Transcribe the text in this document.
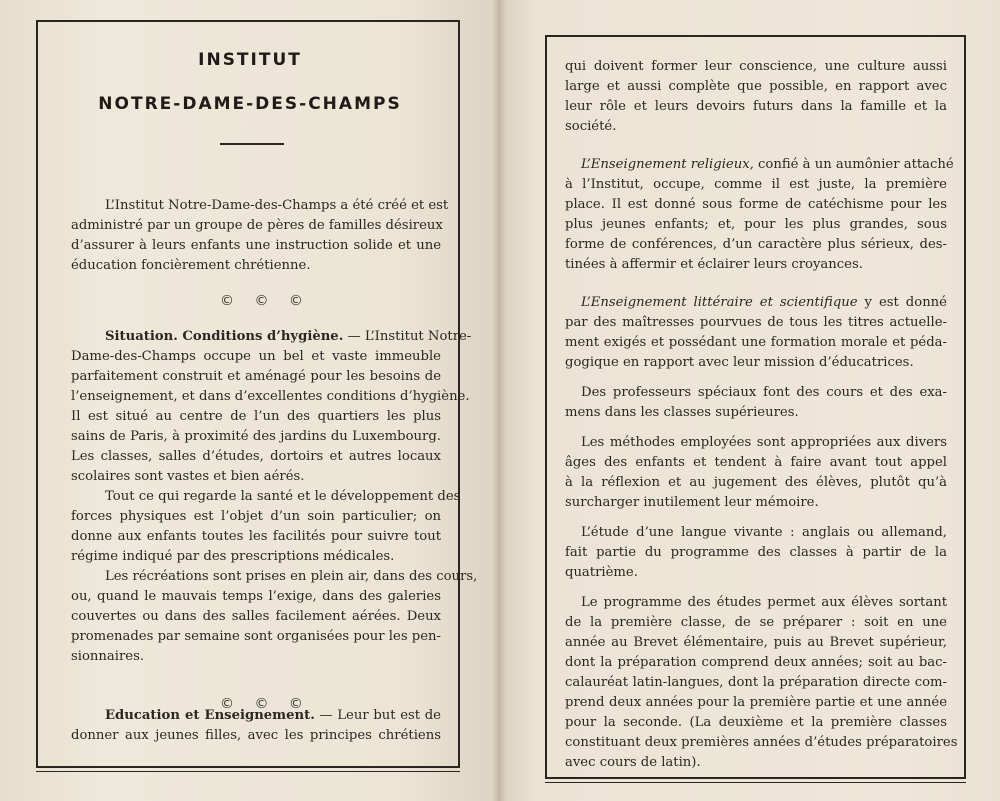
INSTITUT
NOTRE-DAME-DES-CHAMPS
L’Institut Notre-Dame-des-Champs a été créé et est
administré par un groupe de pères de familles désireux
d’assurer à leurs enfants une instruction solide et une
éducation foncièrement chrétienne.
© © ©
Situation. Conditions d’hygiène. — L’Institut Notre-
Dame-des-Champs occupe un bel et vaste immeuble
parfaitement construit et aménagé pour les besoins de
l’enseignement, et dans d’excellentes conditions d’hygiène.
Il est situé au centre de l’un des quartiers les plus
sains de Paris, à proximité des jardins du Luxembourg.
Les classes, salles d’études, dortoirs et autres locaux
scolaires sont vastes et bien aérés.
Tout ce qui regarde la santé et le développement des
forces physiques est l’objet d’un soin particulier; on
donne aux enfants toutes les facilités pour suivre tout
régime indiqué par des prescriptions médicales.
Les récréations sont prises en plein air, dans des cours,
ou, quand le mauvais temps l’exige, dans des galeries
couvertes ou dans des salles facilement aérées. Deux
promenades par semaine sont organisées pour les pen-
sionnaires.
© © ©
Education et Enseignement. — Leur but est de
donner aux jeunes filles, avec les principes chrétiens

qui doivent former leur conscience, une culture aussi
large et aussi complète que possible, en rapport avec
leur rôle et leurs devoirs futurs dans la famille et la
société.

L’Enseignement religieux, confié à un aumônier attaché
à l’Institut, occupe, comme il est juste, la première
place. Il est donné sous forme de catéchisme pour les
plus jeunes enfants; et, pour les plus grandes, sous
forme de conférences, d’un caractère plus sérieux, des-
tinées à affermir et éclairer leurs croyances.

L’Enseignement littéraire et scientifique y est donné
par des maîtresses pourvues de tous les titres actuelle-
ment exigés et possédant une formation morale et péda-
gogique en rapport avec leur mission d’éducatrices.

Des professeurs spéciaux font des cours et des exa-
mens dans les classes supérieures.

Les méthodes employées sont appropriées aux divers
âges des enfants et tendent à faire avant tout appel
à la réflexion et au jugement des élèves, plutôt qu’à
surcharger inutilement leur mémoire.

L’étude d’une langue vivante : anglais ou allemand,
fait partie du programme des classes à partir de la
quatrième.

Le programme des études permet aux élèves sortant
de la première classe, de se préparer : soit en une
année au Brevet élémentaire, puis au Brevet supérieur,
dont la préparation comprend deux années; soit au bac-
calauréat latin-langues, dont la préparation directe com-
prend deux années pour la première partie et une année
pour la seconde. (La deuxième et la première classes
constituant deux premières années d’études préparatoires
avec cours de latin).
